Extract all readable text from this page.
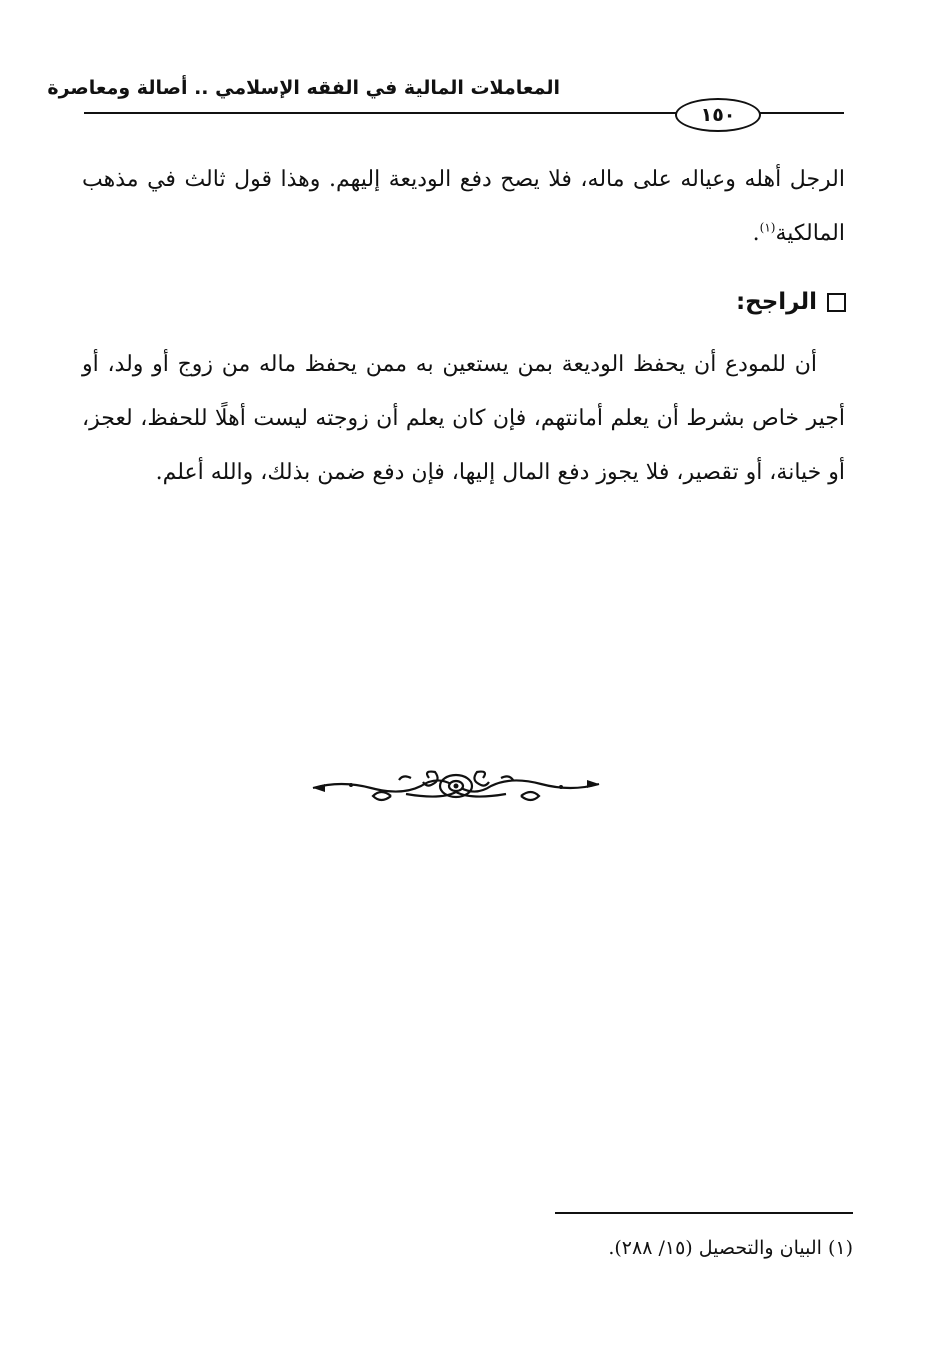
المعاملات المالية في الفقه الإسلامي .. أصالة ومعاصرة
١٥٠
الرجل أهله وعياله على ماله، فلا يصح دفع الوديعة إليهم. وهذا قول ثالث في مذهب المالكية$^{(١)}$.
الراجح:
أن للمودع أن يحفظ الوديعة بمن يستعين به ممن يحفظ ماله من زوج أو ولد، أو أجير خاص بشرط أن يعلم أمانتهم، فإن كان يعلم أن زوجته ليست أهلًا للحفظ، لعجز، أو خيانة، أو تقصير، فلا يجوز دفع المال إليها، فإن دفع ضمن بذلك، والله أعلم.
(١) البيان والتحصيل (١٥/ ٢٨٨).
